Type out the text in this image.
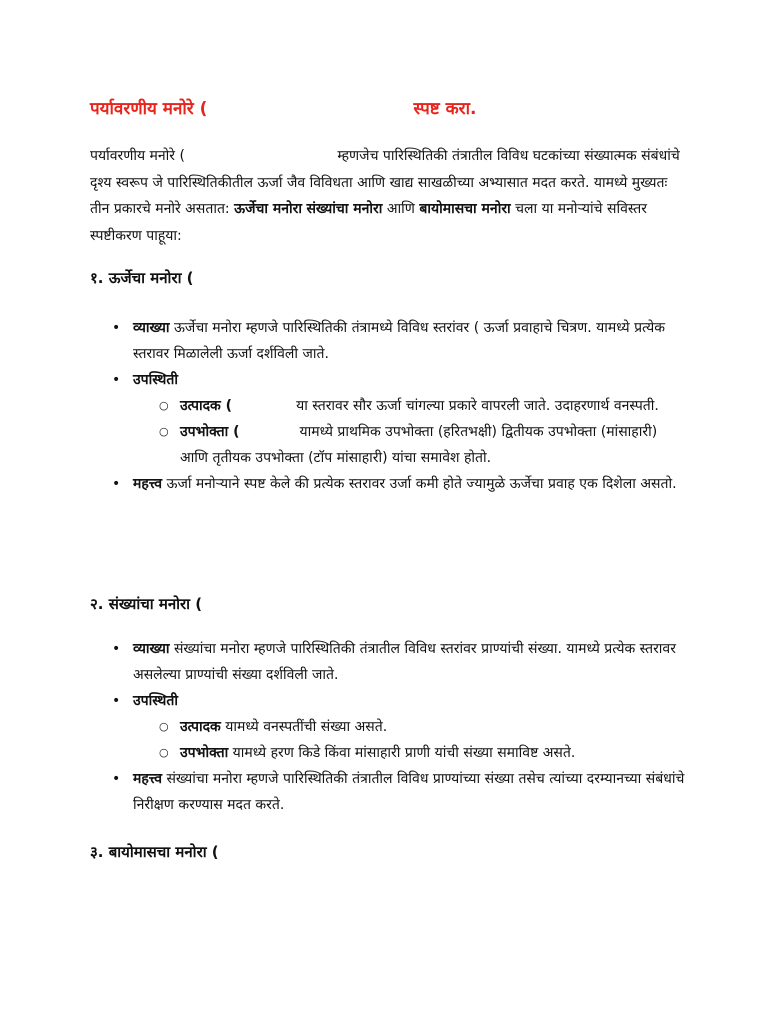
पर्यावरणीय मनोरे (	स्पष्ट करा.

पर्यावरणीय मनोरे (	म्हणजेच पारिस्थितिकी तंत्रातील विविध घटकांच्या संख्यात्मक संबंधांचे दृश्य स्वरूप जे पारिस्थितिकीतील ऊर्जा जैव विविधता आणि खाद्य साखळीच्या अभ्यासात मदत करते. यामध्ये मुख्यतः तीन प्रकारचे मनोरे असतात: ऊर्जेचा मनोरा संख्यांचा मनोरा आणि बायोमासचा मनोरा चला या मनोऱ्यांचे सविस्तर स्पष्टीकरण पाहूया:

१. ऊर्जेचा मनोरा (
• व्याख्या ऊर्जेचा मनोरा म्हणजे पारिस्थितिकी तंत्रामध्ये विविध स्तरांवर ( ऊर्जा प्रवाहाचे चित्रण. यामध्ये प्रत्येक स्तरावर मिळालेली ऊर्जा दर्शविली जाते.
• उपस्थिती
○ उत्पादक (	या स्तरावर सौर ऊर्जा चांगल्या प्रकारे वापरली जाते. उदाहरणार्थ वनस्पती.
○ उपभोक्ता (	यामध्ये प्राथमिक उपभोक्ता (हरितभक्षी) द्वितीयक उपभोक्ता (मांसाहारी) आणि तृतीयक उपभोक्ता (टॉप मांसाहारी) यांचा समावेश होतो.
• महत्त्व ऊर्जा मनोऱ्याने स्पष्ट केले की प्रत्येक स्तरावर उर्जा कमी होते ज्यामुळे ऊर्जेचा प्रवाह एक दिशेला असतो.
२. संख्यांचा मनोरा (
• व्याख्या संख्यांचा मनोरा म्हणजे पारिस्थितिकी तंत्रातील विविध स्तरांवर प्राण्यांची संख्या. यामध्ये प्रत्येक स्तरावर असलेल्या प्राण्यांची संख्या दर्शविली जाते.
• उपस्थिती
○ उत्पादक यामध्ये वनस्पतींची संख्या असते.
○ उपभोक्ता यामध्ये हरण किडे किंवा मांसाहारी प्राणी यांची संख्या समाविष्ट असते.
• महत्त्व संख्यांचा मनोरा म्हणजे पारिस्थितिकी तंत्रातील विविध प्राण्यांच्या संख्या तसेच त्यांच्या दरम्यानच्या संबंधांचे निरीक्षण करण्यास मदत करते.
३. बायोमासचा मनोरा (
